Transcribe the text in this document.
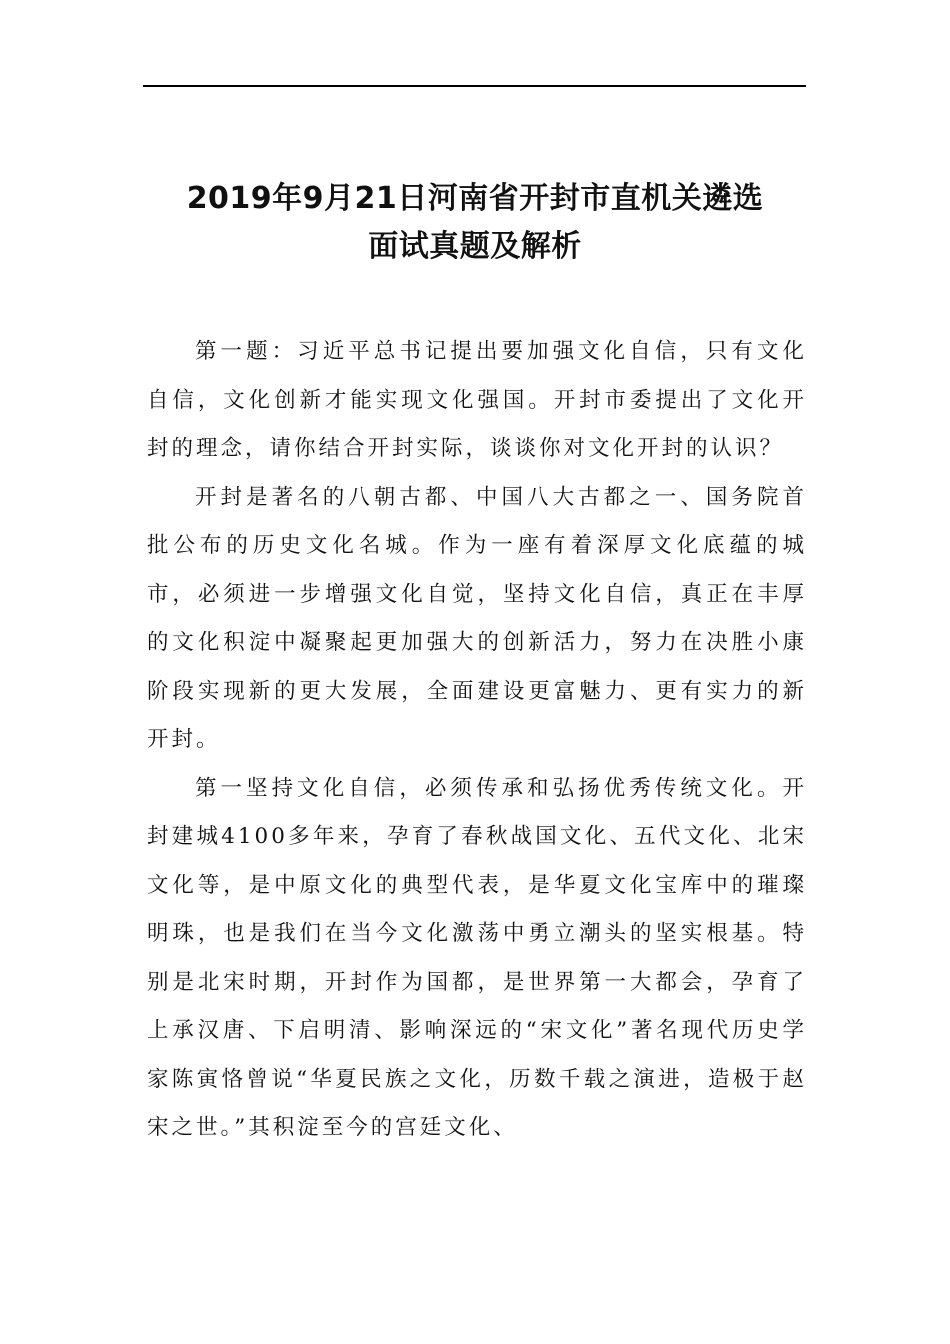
2019年9月21日河南省开封市直机关遴选
面试真题及解析

第一题：习近平总书记提出要加强文化自信，只有文化自信，文化创新才能实现文化强国。开封市委提出了文化开封的理念，请你结合开封实际，谈谈你对文化开封的认识？

开封是著名的八朝古都、中国八大古都之一、国务院首批公布的历史文化名城。作为一座有着深厚文化底蕴的城市，必须进一步增强文化自觉，坚持文化自信，真正在丰厚的文化积淀中凝聚起更加强大的创新活力，努力在决胜小康阶段实现新的更大发展，全面建设更富魅力、更有实力的新开封。

第一坚持文化自信，必须传承和弘扬优秀传统文化。开封建城4100多年来，孕育了春秋战国文化、五代文化、北宋文化等，是中原文化的典型代表，是华夏文化宝库中的璀璨明珠，也是我们在当今文化激荡中勇立潮头的坚实根基。特别是北宋时期，开封作为国都，是世界第一大都会，孕育了上承汉唐、下启明清、影响深远的“宋文化”著名现代历史学家陈寅恪曾说“华夏民族之文化，历数千载之演进，造极于赵宋之世。”其积淀至今的宫廷文化、
